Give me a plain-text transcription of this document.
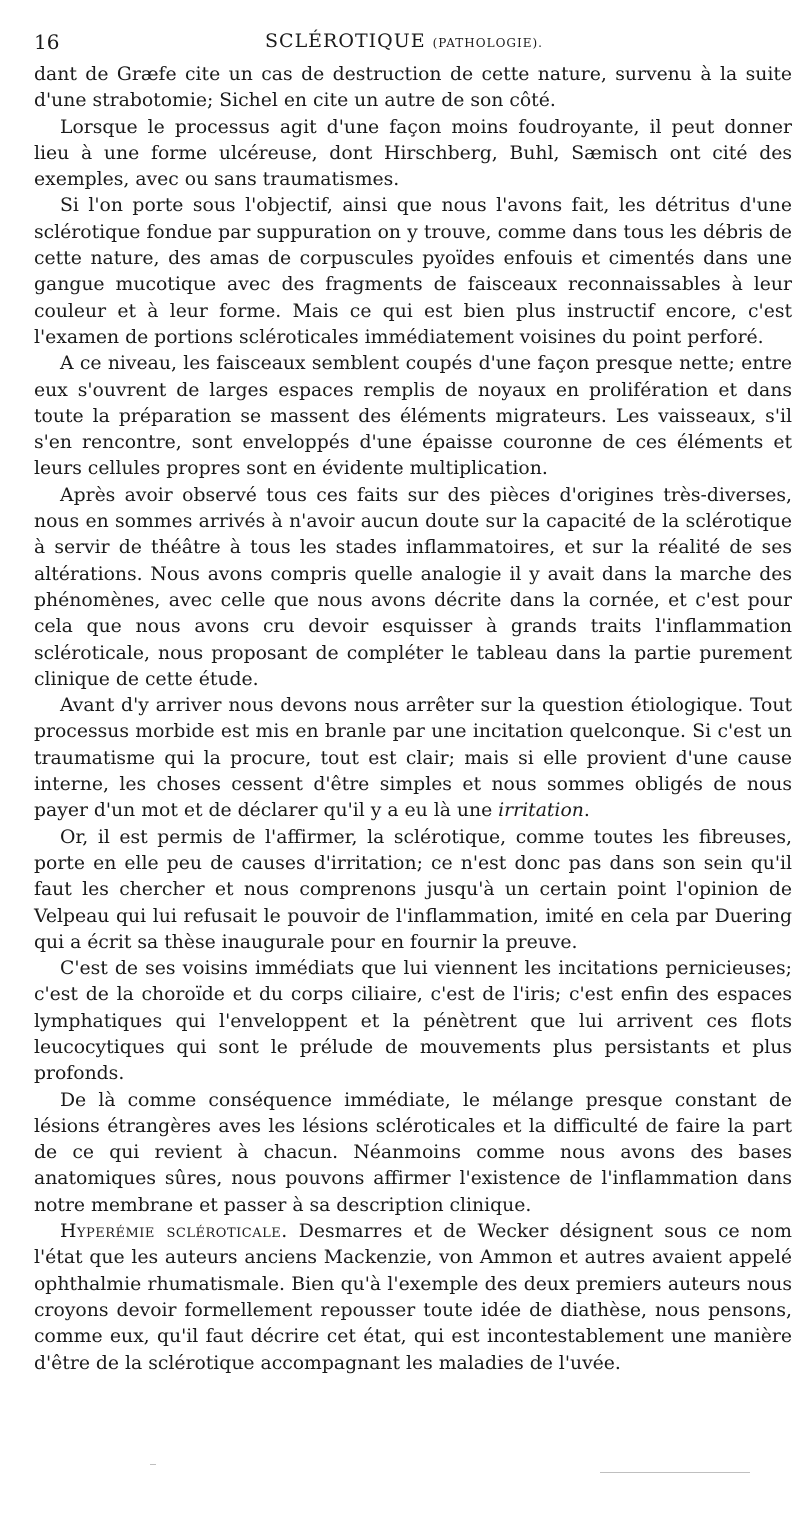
16	SCLÉROTIQUE (PATHOLOGIE).

dant de Græfe cite un cas de destruction de cette nature, survenu à la suite d'une strabotomie; Sichel en cite un autre de son côté.

Lorsque le processus agit d'une façon moins foudroyante, il peut donner lieu à une forme ulcéreuse, dont Hirschberg, Buhl, Sæmisch ont cité des exemples, avec ou sans traumatismes.

Si l'on porte sous l'objectif, ainsi que nous l'avons fait, les détritus d'une sclérotique fondue par suppuration on y trouve, comme dans tous les débris de cette nature, des amas de corpuscules pyoïdes enfouis et cimentés dans une gangue mucotique avec des fragments de faisceaux reconnaissables à leur couleur et à leur forme. Mais ce qui est bien plus instructif encore, c'est l'examen de portions scléroticales immédiatement voisines du point perforé.

A ce niveau, les faisceaux semblent coupés d'une façon presque nette; entre eux s'ouvrent de larges espaces remplis de noyaux en prolifération et dans toute la préparation se massent des éléments migrateurs. Les vaisseaux, s'il s'en rencontre, sont enveloppés d'une épaisse couronne de ces éléments et leurs cellules propres sont en évidente multiplication.

Après avoir observé tous ces faits sur des pièces d'origines très-diverses, nous en sommes arrivés à n'avoir aucun doute sur la capacité de la sclérotique à servir de théâtre à tous les stades inflammatoires, et sur la réalité de ses altérations. Nous avons compris quelle analogie il y avait dans la marche des phénomènes, avec celle que nous avons décrite dans la cornée, et c'est pour cela que nous avons cru devoir esquisser à grands traits l'inflammation scléroticale, nous proposant de compléter le tableau dans la partie purement clinique de cette étude.

Avant d'y arriver nous devons nous arrêter sur la question étiologique. Tout processus morbide est mis en branle par une incitation quelconque. Si c'est un traumatisme qui la procure, tout est clair; mais si elle provient d'une cause interne, les choses cessent d'être simples et nous sommes obligés de nous payer d'un mot et de déclarer qu'il y a eu là une irritation.

Or, il est permis de l'affirmer, la sclérotique, comme toutes les fibreuses, porte en elle peu de causes d'irritation; ce n'est donc pas dans son sein qu'il faut les chercher et nous comprenons jusqu'à un certain point l'opinion de Velpeau qui lui refusait le pouvoir de l'inflammation, imité en cela par Duering qui a écrit sa thèse inaugurale pour en fournir la preuve.

C'est de ses voisins immédiats que lui viennent les incitations pernicieuses; c'est de la choroïde et du corps ciliaire, c'est de l'iris; c'est enfin des espaces lymphatiques qui l'enveloppent et la pénètrent que lui arrivent ces flots leucocytiques qui sont le prélude de mouvements plus persistants et plus profonds.

De là comme conséquence immédiate, le mélange presque constant de lésions étrangères aves les lésions scléroticales et la difficulté de faire la part de ce qui revient à chacun. Néanmoins comme nous avons des bases anatomiques sûres, nous pouvons affirmer l'existence de l'inflammation dans notre membrane et passer à sa description clinique.

Hyperémie scléroticale. Desmarres et de Wecker désignent sous ce nom l'état que les auteurs anciens Mackenzie, von Ammon et autres avaient appelé ophthalmie rhumatismale. Bien qu'à l'exemple des deux premiers auteurs nous croyons devoir formellement repousser toute idée de diathèse, nous pensons, comme eux, qu'il faut décrire cet état, qui est incontestablement une manière d'être de la sclérotique accompagnant les maladies de l'uvée.
